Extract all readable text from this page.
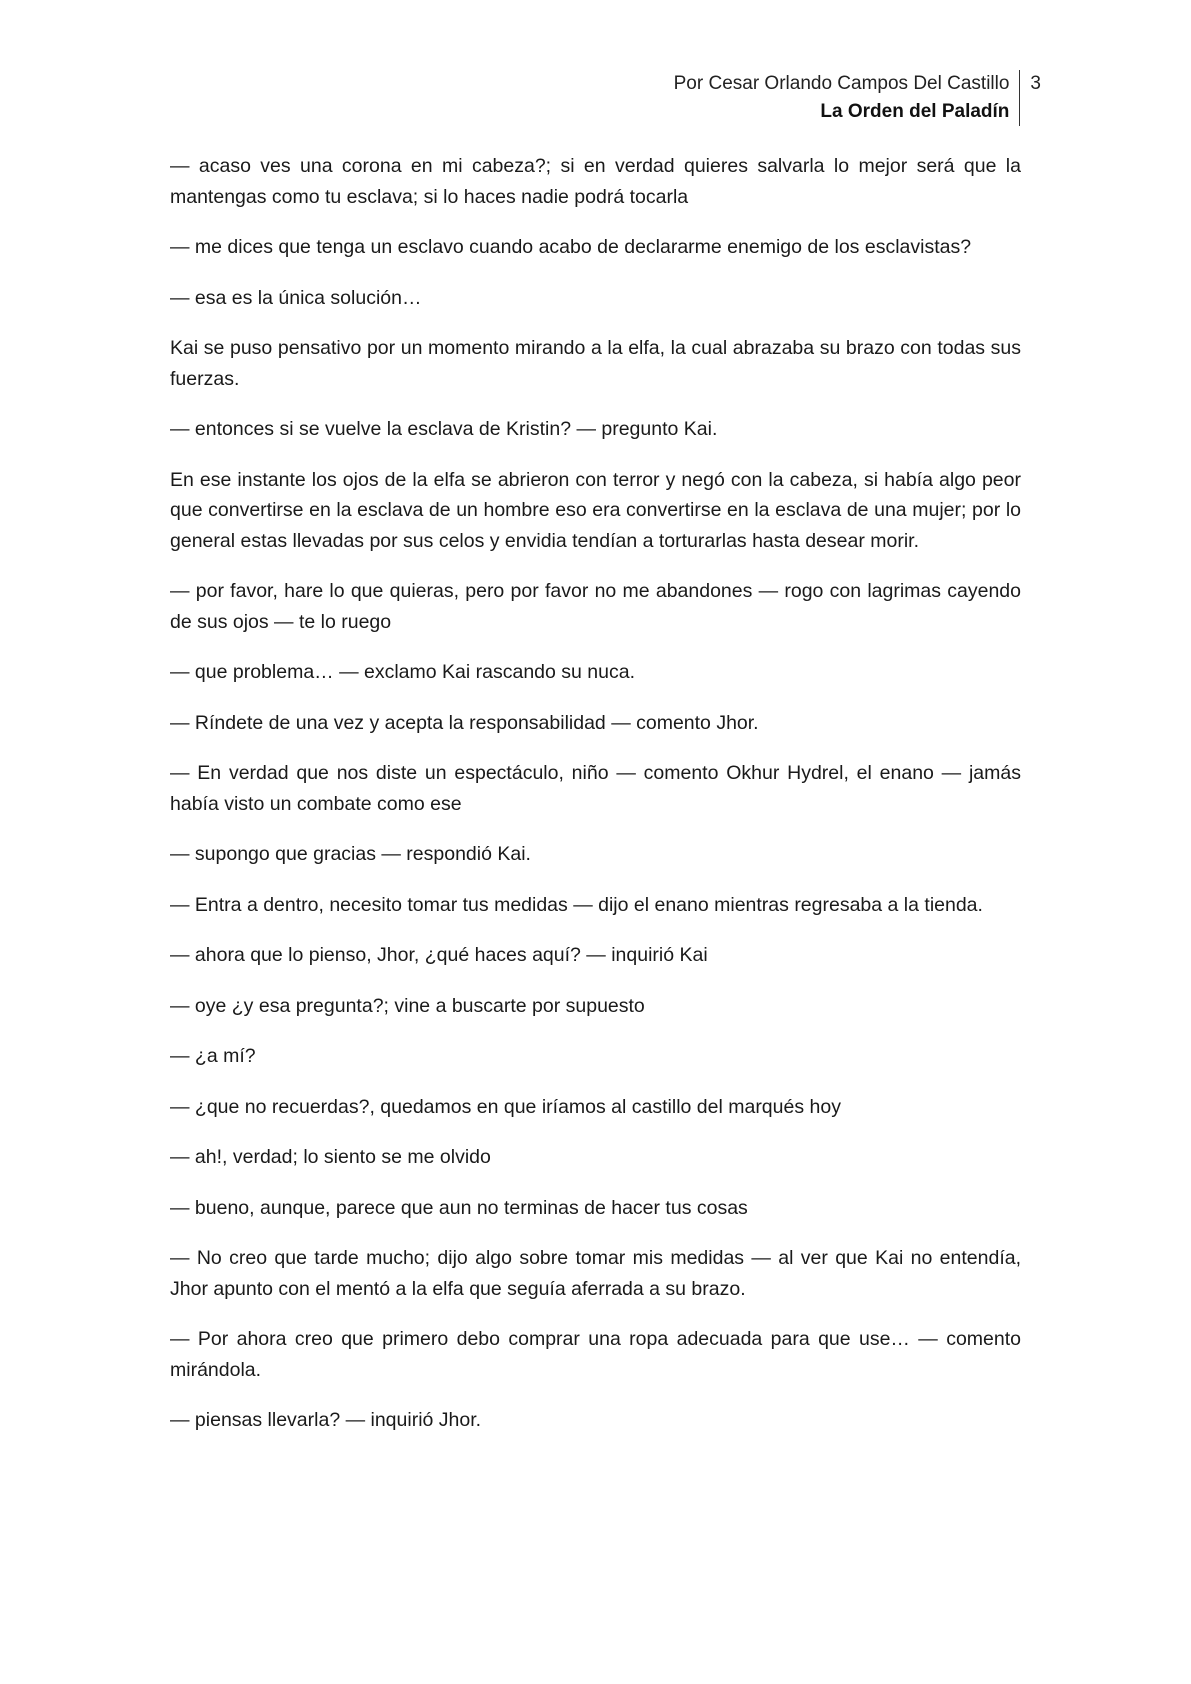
Por Cesar Orlando Campos Del Castillo
La Orden del Paladín
3

— acaso ves una corona en mi cabeza?; si en verdad quieres salvarla lo mejor será que la mantengas como tu esclava; si lo haces nadie podrá tocarla

— me dices que tenga un esclavo cuando acabo de declararme enemigo de los esclavistas?

— esa es la única solución…

Kai se puso pensativo por un momento mirando a la elfa, la cual abrazaba su brazo con todas sus fuerzas.

— entonces si se vuelve la esclava de Kristin? — pregunto Kai.

En ese instante los ojos de la elfa se abrieron con terror y negó con la cabeza, si había algo peor que convertirse en la esclava de un hombre eso era convertirse en la esclava de una mujer; por lo general estas llevadas por sus celos y envidia tendían a torturarlas hasta desear morir.

— por favor, hare lo que quieras, pero por favor no me abandones — rogo con lagrimas cayendo de sus ojos — te lo ruego

— que problema… — exclamo Kai rascando su nuca.

— Ríndete de una vez y acepta la responsabilidad — comento Jhor.

— En verdad que nos diste un espectáculo, niño — comento Okhur Hydrel, el enano — jamás había visto un combate como ese

— supongo que gracias — respondió Kai.

— Entra a dentro, necesito tomar tus medidas — dijo el enano mientras regresaba a la tienda.

— ahora que lo pienso, Jhor, ¿qué haces aquí? — inquirió Kai

— oye ¿y esa pregunta?; vine a buscarte por supuesto

— ¿a mí?

— ¿que no recuerdas?, quedamos en que iríamos al castillo del marqués hoy

— ah!, verdad; lo siento se me olvido

— bueno, aunque, parece que aun no terminas de hacer tus cosas

— No creo que tarde mucho; dijo algo sobre tomar mis medidas — al ver que Kai no entendía, Jhor apunto con el mentó a la elfa que seguía aferrada a su brazo.

— Por ahora creo que primero debo comprar una ropa adecuada para que use… — comento mirándola.

— piensas llevarla? — inquirió Jhor.
